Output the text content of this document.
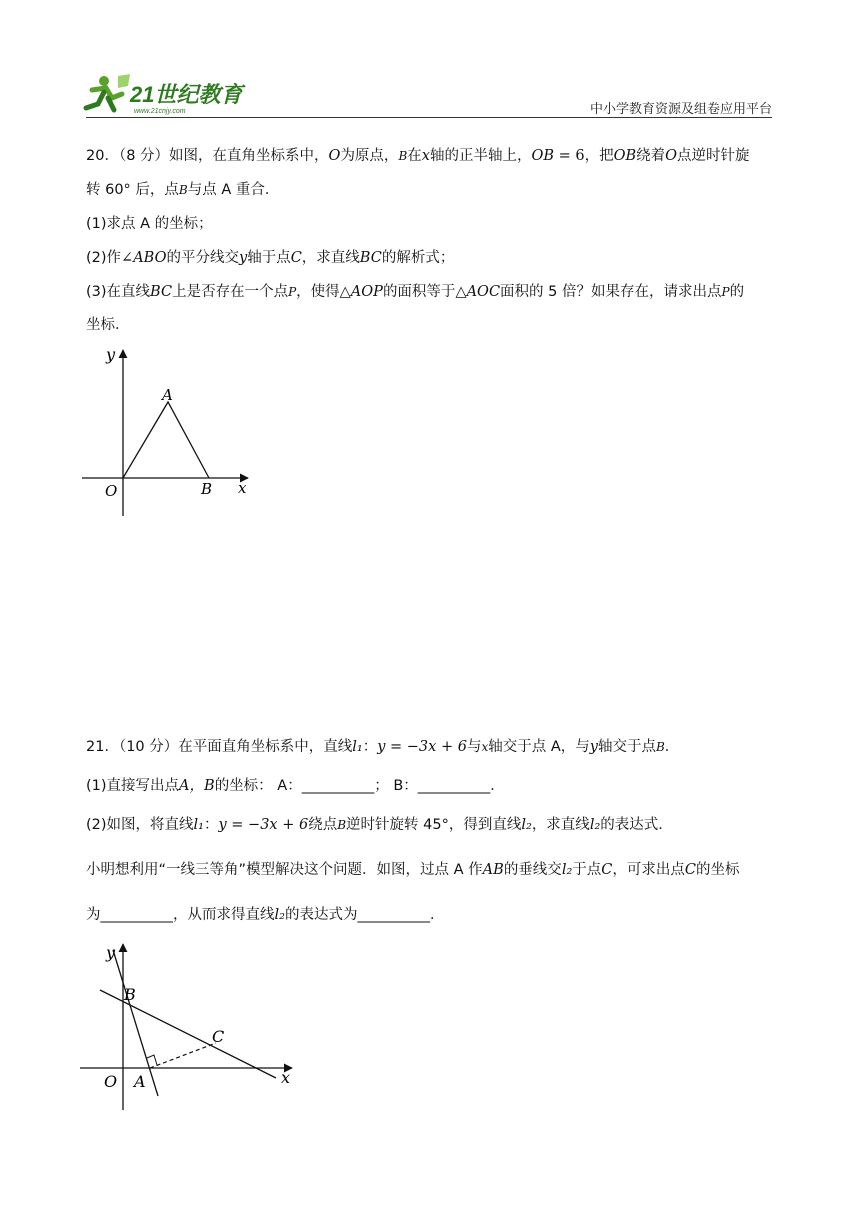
21世纪教育
www.21cnjy.com	中小学教育资源及组卷应用平台
20．（8 分）如图，在直角坐标系中，O为原点，B在x轴的正半轴上，OB = 6，把OB绕着O点逆时针旋
转 60° 后，点B与点 A 重合．
(1)求点 A 的坐标；
(2)作∠ABO的平分线交y轴于点C，求直线BC的解析式；
(3)在直线BC上是否存在一个点P，使得△AOP的面积等于△AOC面积的 5 倍？如果存在，请求出点P的
坐标．
y
A
O	B x
21．（10 分）在平面直角坐标系中，直线l₁：y = −3x + 6与x轴交于点 A，与y轴交于点B．
(1)直接写出点A，B的坐标： A：__________； B：__________．
(2)如图，将直线l₁：y = −3x + 6绕点B逆时针旋转 45°，得到直线l₂，求直线l₂的表达式．
小明想利用“一线三等角”模型解决这个问题．如图，过点 A 作AB的垂线交l₂于点C，可求出点C的坐标
为__________，从而求得直线l₂的表达式为__________．
y
B
C
O A	x
